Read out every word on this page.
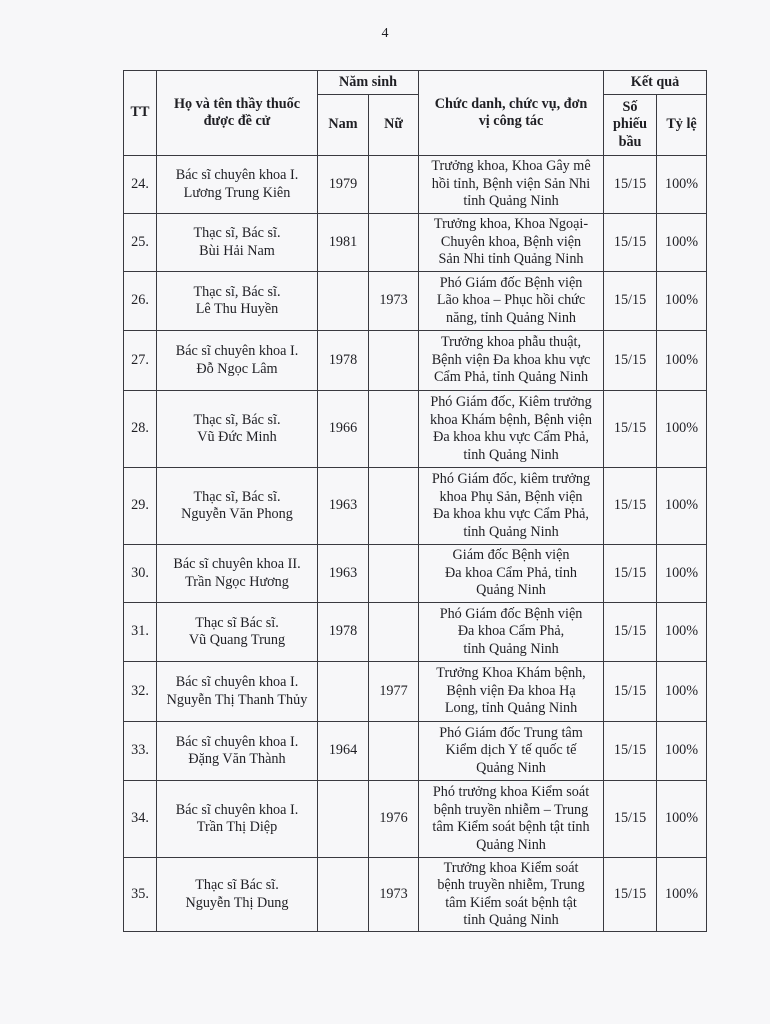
4
TT	Họ và tên thầy thuốc
được đề cử	Năm sinh		Chức danh, chức vụ, đơn
vị công tác	Kết quả	
		Nam	Nữ		Số
phiếu
bầu	Tỷ lệ
24.	Bác sĩ chuyên khoa I.
Lương Trung Kiên	1979		Trưởng khoa, Khoa Gây mê
hồi tỉnh, Bệnh viện Sản Nhi
tỉnh Quảng Ninh	15/15	100%
25.	Thạc sĩ, Bác sĩ.
Bùi Hải Nam	1981		Trưởng khoa, Khoa Ngoại-
Chuyên khoa, Bệnh viện
Sản Nhi tỉnh Quảng Ninh	15/15	100%
26.	Thạc sĩ, Bác sĩ.
Lê Thu Huyền		1973	Phó Giám đốc Bệnh viện
Lão khoa – Phục hồi chức
năng, tỉnh Quảng Ninh	15/15	100%
27.	Bác sĩ chuyên khoa I.
Đỗ Ngọc Lâm	1978		Trưởng khoa phẫu thuật,
Bệnh viện Đa khoa khu vực
Cẩm Phả, tỉnh Quảng Ninh	15/15	100%
28.	Thạc sĩ, Bác sĩ.
Vũ Đức Minh	1966		Phó Giám đốc, Kiêm trưởng
khoa Khám bệnh, Bệnh viện
Đa khoa khu vực Cẩm Phả,
tỉnh Quảng Ninh	15/15	100%
29.	Thạc sĩ, Bác sĩ.
Nguyễn Văn Phong	1963		Phó Giám đốc, kiêm trưởng
khoa Phụ Sản, Bệnh viện
Đa khoa khu vực Cẩm Phả,
tỉnh Quảng Ninh	15/15	100%
30.	Bác sĩ chuyên khoa II.
Trần Ngọc Hương	1963		Giám đốc Bệnh viện
Đa khoa Cẩm Phả, tỉnh
Quảng Ninh	15/15	100%
31.	Thạc sĩ Bác sĩ.
Vũ Quang Trung	1978		Phó Giám đốc Bệnh viện
Đa khoa Cẩm Phả,
tỉnh Quảng Ninh	15/15	100%
32.	Bác sĩ chuyên khoa I.
Nguyễn Thị Thanh Thủy		1977	Trưởng Khoa Khám bệnh,
Bệnh viện Đa khoa Hạ
Long, tỉnh Quảng Ninh	15/15	100%
33.	Bác sĩ chuyên khoa I.
Đặng Văn Thành	1964		Phó Giám đốc Trung tâm
Kiểm dịch Y tế quốc tế
Quảng Ninh	15/15	100%
34.	Bác sĩ chuyên khoa I.
Trần Thị Diệp		1976	Phó trưởng khoa Kiểm soát
bệnh truyền nhiễm – Trung
tâm Kiểm soát bệnh tật tỉnh
Quảng Ninh	15/15	100%
35.	Thạc sĩ Bác sĩ.
Nguyễn Thị Dung		1973	Trưởng khoa Kiểm soát
bệnh truyền nhiễm, Trung
tâm Kiểm soát bệnh tật
tỉnh Quảng Ninh	15/15	100%
